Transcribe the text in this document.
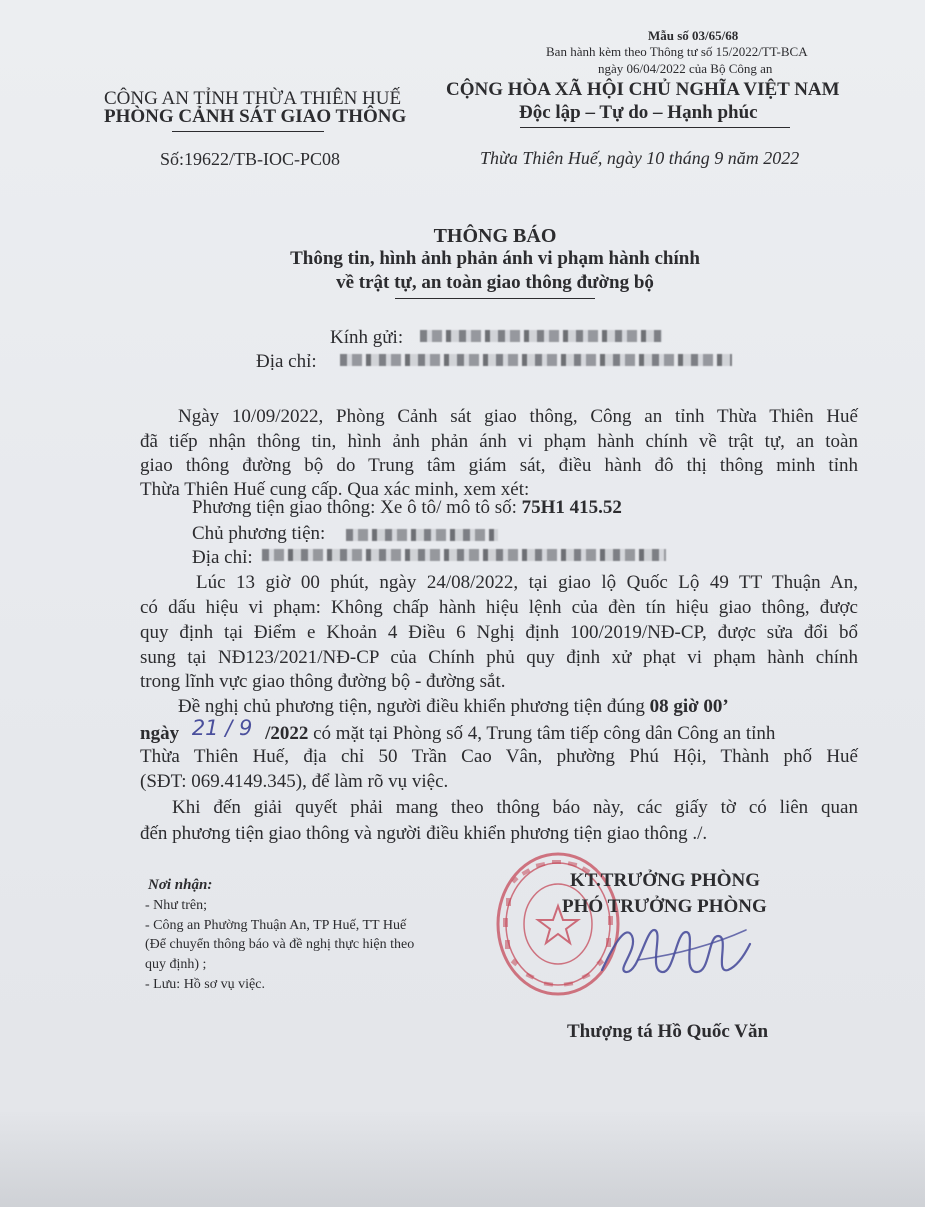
Mẫu số 03/65/68
Ban hành kèm theo Thông tư số 15/2022/TT-BCA
ngày 06/04/2022 của Bộ Công an
CÔNG AN TỈNH THỪA THIÊN HUẾ
PHÒNG CẢNH SÁT GIAO THÔNG
Số:19622/TB-IOC-PC08
CỘNG HÒA XÃ HỘI CHỦ NGHĨA VIỆT NAM
Độc lập – Tự do – Hạnh phúc
Thừa Thiên Huế, ngày 10 tháng 9 năm 2022
THÔNG BÁO
Thông tin, hình ảnh phản ánh vi phạm hành chính
về trật tự, an toàn giao thông đường bộ
Kính gửi:
Địa chỉ:
Ngày 10/09/2022, Phòng Cảnh sát giao thông, Công an tỉnh Thừa Thiên Huế
đã tiếp nhận thông tin, hình ảnh phản ánh vi phạm hành chính về trật tự, an toàn
giao thông đường bộ do Trung tâm giám sát, điều hành đô thị thông minh tỉnh
Thừa Thiên Huế cung cấp. Qua xác minh, xem xét:
Phương tiện giao thông: Xe ô tô/ mô tô số: 75H1 415.52
Chủ phương tiện:
Địa chỉ:
Lúc 13 giờ 00 phút, ngày 24/08/2022, tại giao lộ Quốc Lộ 49 TT Thuận An,
có dấu hiệu vi phạm: Không chấp hành hiệu lệnh của đèn tín hiệu giao thông, được
quy định tại Điểm e Khoản 4 Điều 6 Nghị định 100/2019/NĐ-CP, được sửa đổi bổ
sung tại NĐ123/2021/NĐ-CP của Chính phủ quy định xử phạt vi phạm hành chính
trong lĩnh vực giao thông đường bộ - đường sắt.
Đề nghị chủ phương tiện, người điều khiển phương tiện đúng 08 giờ 00’
ngày 21 / 9 /2022 có mặt tại Phòng số 4, Trung tâm tiếp công dân Công an tỉnh
Thừa Thiên Huế, địa chỉ 50 Trần Cao Vân, phường Phú Hội, Thành phố Huế
(SĐT: 069.4149.345), để làm rõ vụ việc.
Khi đến giải quyết phải mang theo thông báo này, các giấy tờ có liên quan
đến phương tiện giao thông và người điều khiển phương tiện giao thông ./.
Nơi nhận:
- Như trên;
- Công an Phường Thuận An, TP Huế, TT Huế
(Để chuyển thông báo và đề nghị thực hiện theo
quy định) ;
- Lưu: Hồ sơ vụ việc.
KT.TRƯỞNG PHÒNG
PHÓ TRƯỞNG PHÒNG
Thượng tá Hồ Quốc Văn
